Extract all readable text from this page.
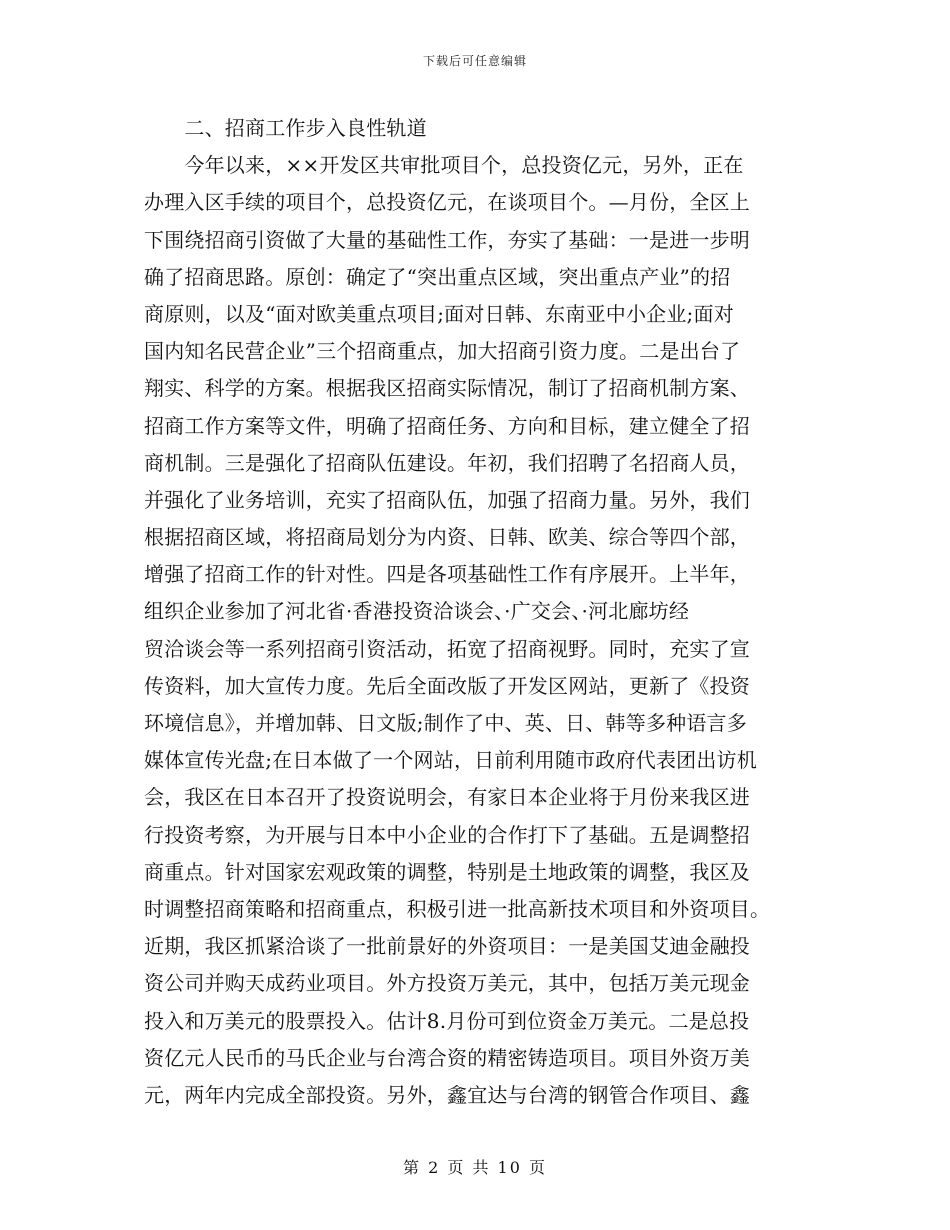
下载后可任意编辑
　　二、招商工作步入良性轨道
　　今年以来，××开发区共审批项目个，总投资亿元，另外，正在
办理入区手续的项目个，总投资亿元，在谈项目个。—月份，全区上
下围绕招商引资做了大量的基础性工作，夯实了基础：一是进一步明
确了招商思路。原创：确定了“突出重点区域，突出重点产业”的招
商原则，以及“面对欧美重点项目;面对日韩、东南亚中小企业;面对
国内知名民营企业”三个招商重点，加大招商引资力度。二是出台了
翔实、科学的方案。根据我区招商实际情况，制订了招商机制方案、
招商工作方案等文件，明确了招商任务、方向和目标，建立健全了招
商机制。三是强化了招商队伍建设。年初，我们招聘了名招商人员，
并强化了业务培训，充实了招商队伍，加强了招商力量。另外，我们
根据招商区域，将招商局划分为内资、日韩、欧美、综合等四个部，
增强了招商工作的针对性。四是各项基础性工作有序展开。上半年，
组织企业参加了河北省·香港投资洽谈会、·广交会、·河北廊坊经
贸洽谈会等一系列招商引资活动，拓宽了招商视野。同时，充实了宣
传资料，加大宣传力度。先后全面改版了开发区网站，更新了《投资
环境信息》，并增加韩、日文版;制作了中、英、日、韩等多种语言多
媒体宣传光盘;在日本做了一个网站，日前利用随市政府代表团出访机
会，我区在日本召开了投资说明会，有家日本企业将于月份来我区进
行投资考察，为开展与日本中小企业的合作打下了基础。五是调整招
商重点。针对国家宏观政策的调整，特别是土地政策的调整，我区及
时调整招商策略和招商重点，积极引进一批高新技术项目和外资项目。
近期，我区抓紧洽谈了一批前景好的外资项目：一是美国艾迪金融投
资公司并购天成药业项目。外方投资万美元，其中，包括万美元现金
投入和万美元的股票投入。估计8.月份可到位资金万美元。二是总投
资亿元人民币的马氏企业与台湾合资的精密铸造项目。项目外资万美
元，两年内完成全部投资。另外，鑫宜达与台湾的钢管合作项目、鑫
第 2 页 共 10 页
